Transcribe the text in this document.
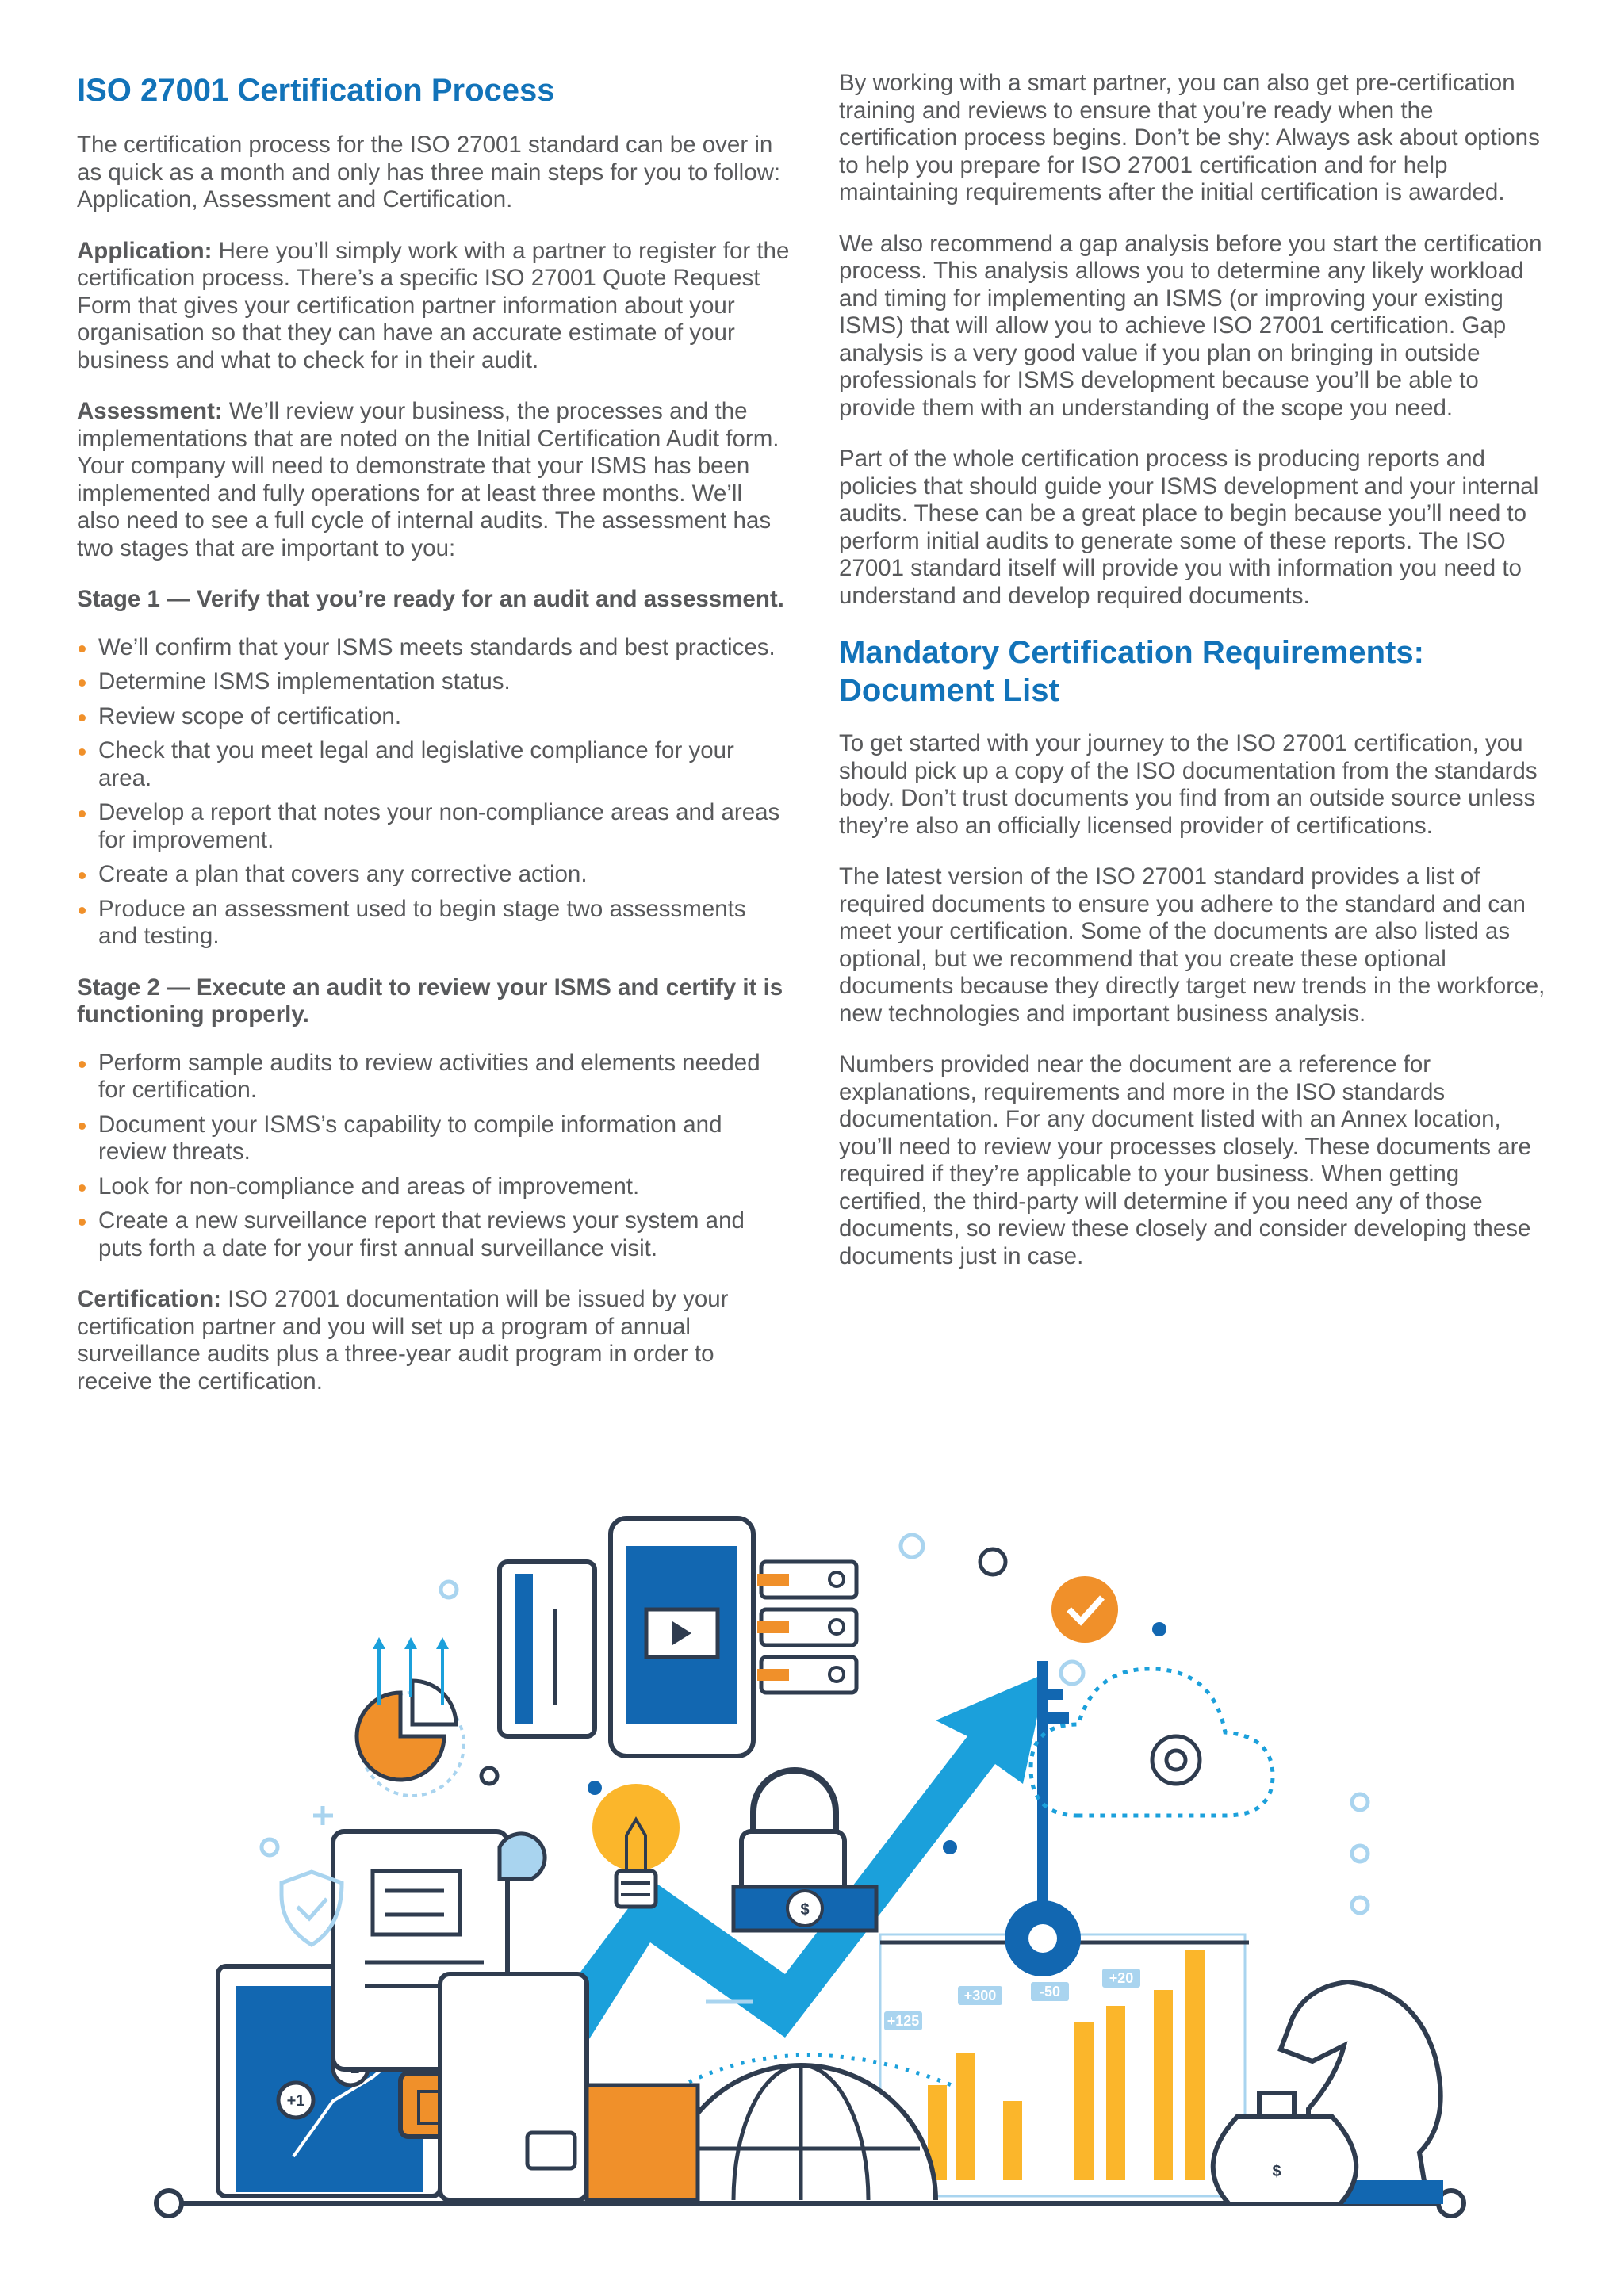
ISO 27001 Certification Process

The certification process for the ISO 27001 standard can be over in as quick as a month and only has three main steps for you to follow: Application, Assessment and Certification.

Application: Here you’ll simply work with a partner to register for the certification process. There’s a specific ISO 27001 Quote Request Form that gives your certification partner information about your organisation so that they can have an accurate estimate of your business and what to check for in their audit.

Assessment: We’ll review your business, the processes and the implementations that are noted on the Initial Certification Audit form. Your company will need to demonstrate that your ISMS has been implemented and fully operations for at least three months. We’ll also need to see a full cycle of internal audits. The assessment has two stages that are important to you:

Stage 1 — Verify that you’re ready for an audit and assessment.

We’ll confirm that your ISMS meets standards and best practices.
Determine ISMS implementation status.
Review scope of certification.
Check that you meet legal and legislative compliance for your area.
Develop a report that notes your non-compliance areas and areas for improvement.
Create a plan that covers any corrective action.
Produce an assessment used to begin stage two assessments and testing.

Stage 2 — Execute an audit to review your ISMS and certify it is functioning properly.

Perform sample audits to review activities and elements needed for certification.
Document your ISMS’s capability to compile information and review threats.
Look for non-compliance and areas of improvement.
Create a new surveillance report that reviews your system and puts forth a date for your first annual surveillance visit.

Certification: ISO 27001 documentation will be issued by your certification partner and you will set up a program of annual surveillance audits plus a three-year audit program in order to receive the certification.

By working with a smart partner, you can also get pre-certification training and reviews to ensure that you’re ready when the certification process begins. Don’t be shy: Always ask about options to help you prepare for ISO 27001 certification and for help maintaining requirements after the initial certification is awarded.

We also recommend a gap analysis before you start the certification process. This analysis allows you to determine any likely workload and timing for implementing an ISMS (or improving your existing ISMS) that will allow you to achieve ISO 27001 certification. Gap analysis is a very good value if you plan on bringing in outside professionals for ISMS development because you’ll be able to provide them with an understanding of the scope you need.

Part of the whole certification process is producing reports and policies that should guide your ISMS development and your internal audits. These can be a great place to begin because you’ll need to perform initial audits to generate some of these reports. The ISO 27001 standard itself will provide you with information you need to understand and develop required documents.

Mandatory Certification Requirements: Document List

To get started with your journey to the ISO 27001 certification, you should pick up a copy of the ISO documentation from the standards body. Don’t trust documents you find from an outside source unless they’re also an officially licensed provider of certifications.

The latest version of the ISO 27001 standard provides a list of required documents to ensure you adhere to the standard and can meet your certification. Some of the documents are also listed as optional, but we recommend that you create these optional documents because they directly target new trends in the workforce, new technologies and important business analysis.

Numbers provided near the document are a reference for explanations, requirements and more in the ISO standards documentation. For any document listed with an Annex location, you’ll need to review your processes closely. These documents are required if they’re applicable to your business. When getting certified, the third-party will determine if you need any of those documents, so review these closely and consider developing these documents just in case.

+1
$
+125
+300	-50
+20
$
